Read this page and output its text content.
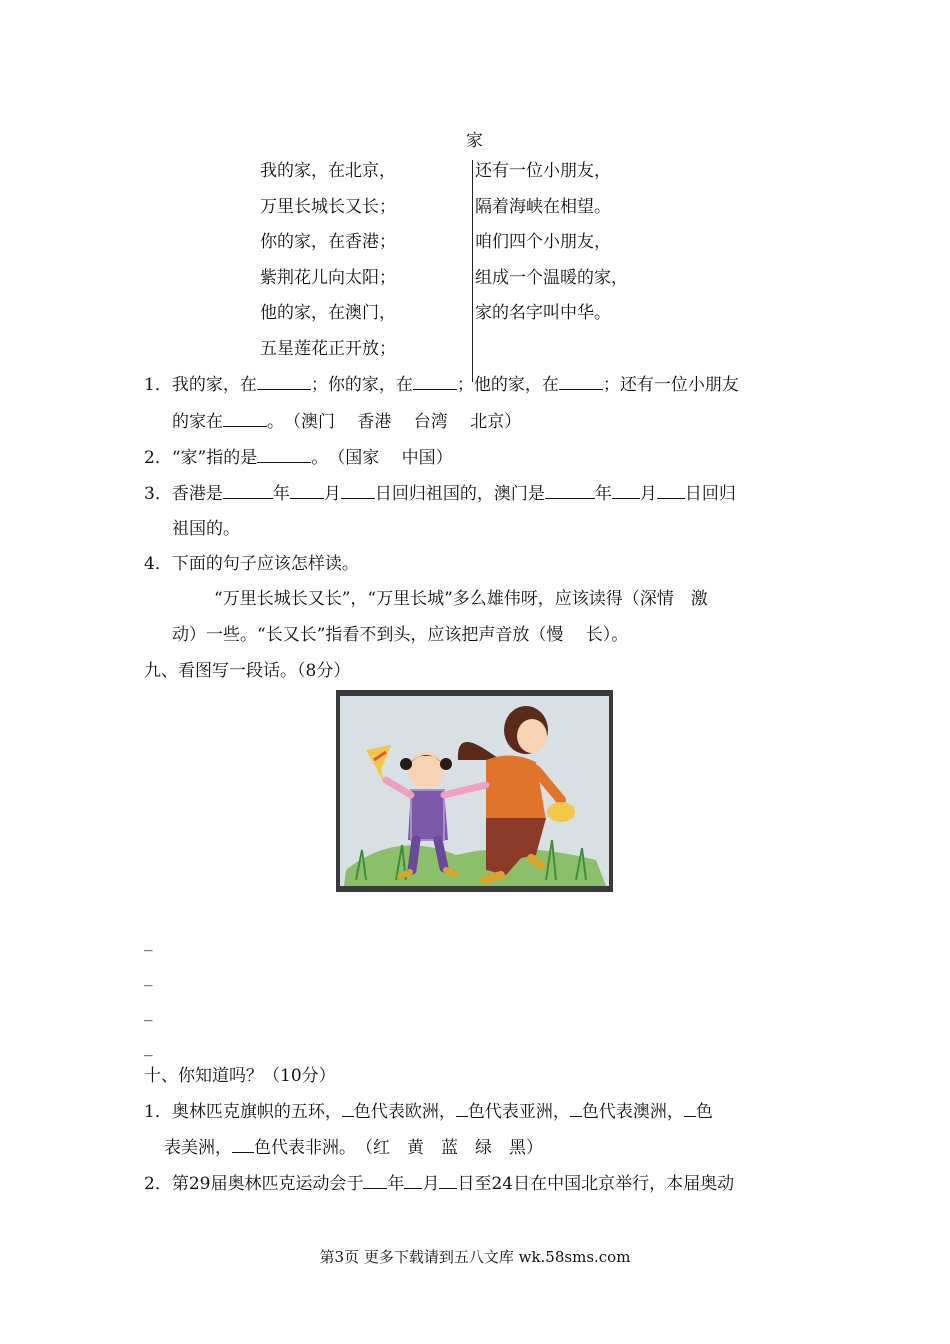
家
我的家，在北京，
万里长城长又长；
你的家，在香港；
紫荆花儿向太阳；
他的家，在澳门，
五星莲花正开放；
还有一位小朋友，
隔着海峡在相望。
咱们四个小朋友，
组成一个温暖的家，
家的名字叫中华。
1．我的家，在	；你的家，在	；他的家，在	；还有一位小朋友
的家在	。　（澳门　 香港　 台湾　 北京）
2．“家”指的是	。　（国家　 中国）
3．香港是	年 月 日回归祖国的，澳门是	年 月 日回归
祖国的。
4．下面的句子应该怎样读。
“万里长城长又长”，“万里长城”多么雄伟呀，应该读得（深情　激
动）一些。“长又长”指看不到头，应该把声音放（慢　 长）。
九、看图写一段话。（8分）
_
_
_
_
十、你知道吗？（10分）
1．奥林匹克旗帜的五环， 色代表欧洲， 色代表亚洲， 色代表澳洲， 色
表美洲， 色代表非洲。　（红　黄　蓝　绿　黑）
2．第29届奥林匹克运动会于 年 月 日至24日在中国北京举行，本届奥动
第3页 更多下载请到五八文库 wk.58sms.com
